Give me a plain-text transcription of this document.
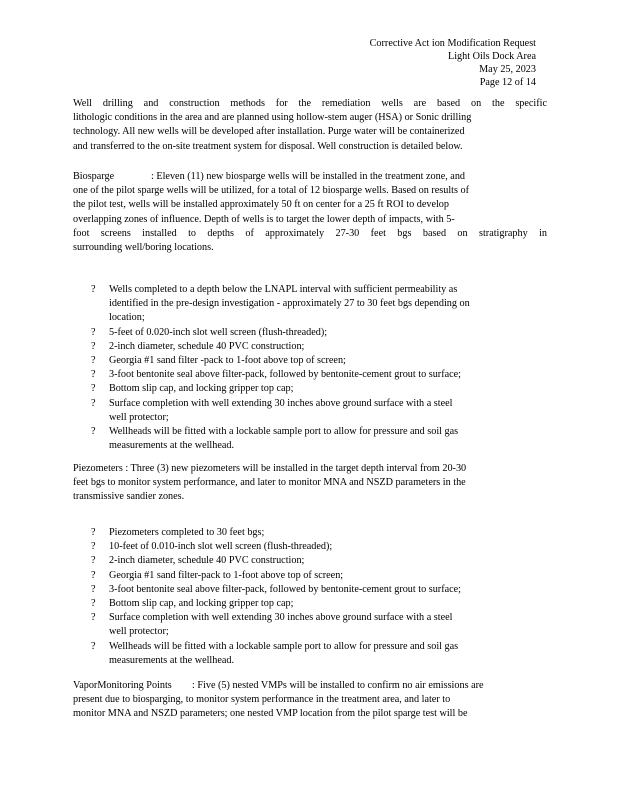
Corrective Act ion Modification Request
Light Oils Dock Area
May 25, 2023
Page 12 of 14
Well drilling and construction methods for the remediation wells are based on the specific
lithologic conditions in the area and are planned using hollow-stem auger (HSA) or Sonic drilling
technology. All new wells will be developed after installation. Purge water will be containerized
and transferred to the on-site treatment system for disposal. Well construction is detailed below.
Biosparge	: Eleven (11) new biosparge wells will be installed in the treatment zone, and
one of the pilot sparge wells will be utilized, for a total of 12 biosparge wells. Based on results of
the pilot test, wells will be installed approximately 50 ft on center for a 25 ft ROI to develop
overlapping zones of influence. Depth of wells is to target the lower depth of impacts, with 5-
foot screens installed to depths of approximately 27-30 feet bgs based on stratigraphy in
surrounding well/boring locations.
? Wells completed to a depth below the LNAPL interval with sufficient permeability as
identified in the pre-design investigation - approximately 27 to 30 feet bgs depending on
location;
? 5-feet of 0.020-inch slot well screen (flush-threaded);
? 2-inch diameter, schedule 40 PVC construction;
? Georgia #1 sand filter -pack to 1-foot above top of screen;
? 3-foot bentonite seal above filter-pack, followed by bentonite-cement grout to surface;
? Bottom slip cap, and locking gripper top cap;
? Surface completion with well extending 30 inches above ground surface with a steel
well protector;
? Wellheads will be fitted with a lockable sample port to allow for pressure and soil gas
measurements at the wellhead.
Piezometers : Three (3) new piezometers will be installed in the target depth interval from 20-30
feet bgs to monitor system performance, and later to monitor MNA and NSZD parameters in the
transmissive sandier zones.
? Piezometers completed to 30 feet bgs;
? 10-feet of 0.010-inch slot well screen (flush-threaded);
? 2-inch diameter, schedule 40 PVC construction;
? Georgia #1 sand filter-pack to 1-foot above top of screen;
? 3-foot bentonite seal above filter-pack, followed by bentonite-cement grout to surface;
? Bottom slip cap, and locking gripper top cap;
? Surface completion with well extending 30 inches above ground surface with a steel
well protector;
? Wellheads will be fitted with a lockable sample port to allow for pressure and soil gas
measurements at the wellhead.
VaporMonitoring Points : Five (5) nested VMPs will be installed to confirm no air emissions are
present due to biosparging, to monitor system performance in the treatment area, and later to
monitor MNA and NSZD parameters; one nested VMP location from the pilot sparge test will be
